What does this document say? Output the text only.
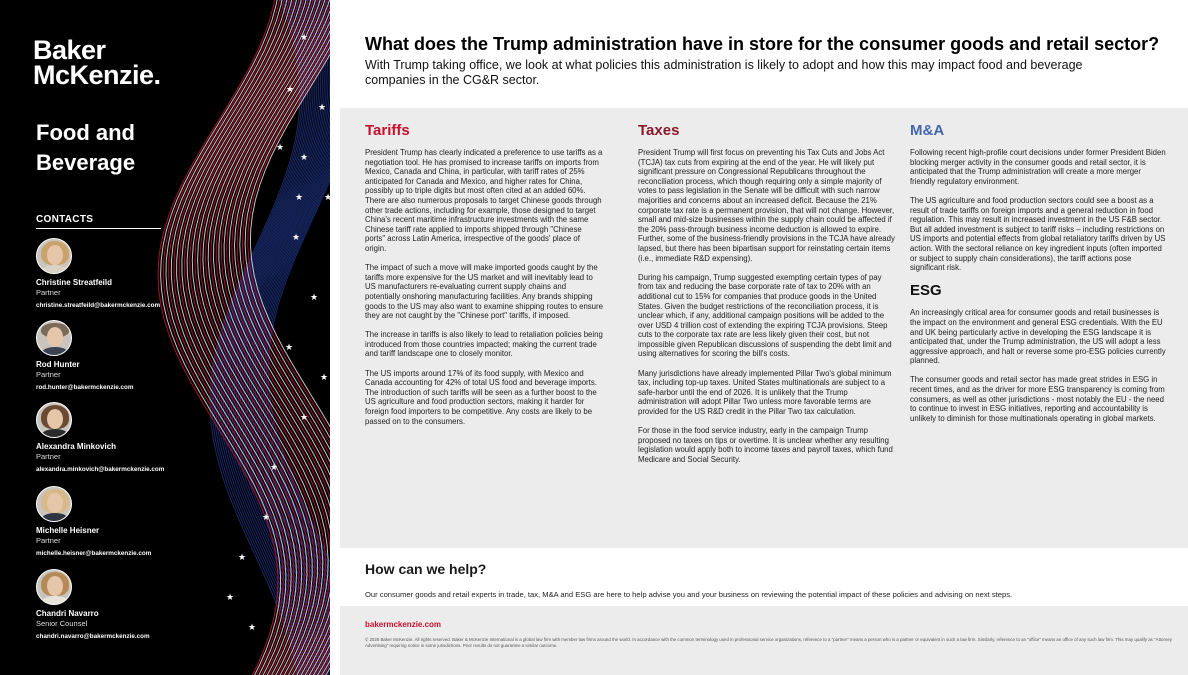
★
★
★
★
★
★
★
★
★
★
★
★
★
★
★
★
★
Baker
McKenzie.
Food and
Beverage
CONTACTS
Christine Streatfeild
Partner
christine.streatfeild@bakermckenzie.com
Rod Hunter
Partner
rod.hunter@bakermckenzie.com
Alexandra Minkovich
Partner
alexandra.minkovich@bakermckenzie.com
Michelle Heisner
Partner
michelle.heisner@bakermckenzie.com
Chandri Navarro
Senior Counsel
chandri.navarro@bakermckenzie.com
What does the Trump administration have in store for the consumer goods and retail sector?
With Trump taking office, we look at what policies this administration is likely to adopt and how this may impact food and beverage companies in the CG&R sector.
Tariffs

President Trump has clearly indicated a preference to use tariffs as a negotiation tool. He has promised to increase tariffs on imports from Mexico, Canada and China, in particular, with tariff rates of 25% anticipated for Canada and Mexico, and higher rates for China, possibly up to triple digits but most often cited at an added 60%. There are also numerous proposals to target Chinese goods through other trade actions, including for example, those designed to target China's recent maritime infrastructure investments with the same Chinese tariff rate applied to imports shipped through "Chinese ports" across Latin America, irrespective of the goods' place of origin.

The impact of such a move will make imported goods caught by the tariffs more expensive for the US market and will inevitably lead to US manufacturers re-evaluating current supply chains and potentially onshoring manufacturing facilities. Any brands shipping goods to the US may also want to examine shipping routes to ensure they are not caught by the "Chinese port" tariffs, if imposed.

The increase in tariffs is also likely to lead to retaliation policies being introduced from those countries impacted; making the current trade and tariff landscape one to closely monitor.

The US imports around 17% of its food supply, with Mexico and Canada accounting for 42% of total US food and beverage imports. The introduction of such tariffs will be seen as a further boost to the US agriculture and food production sectors, making it harder for foreign food importers to be competitive. Any costs are likely to be passed on to the consumers.

Taxes

President Trump will first focus on preventing his Tax Cuts and Jobs Act (TCJA) tax cuts from expiring at the end of the year. He will likely put significant pressure on Congressional Republicans throughout the reconciliation process, which though requiring only a simple majority of votes to pass legislation in the Senate will be difficult with such narrow majorities and concerns about an increased deficit. Because the 21% corporate tax rate is a permanent provision, that will not change. However, small and mid-size businesses within the supply chain could be affected if the 20% pass-through business income deduction is allowed to expire. Further, some of the business-friendly provisions in the TCJA have already lapsed, but there has been bipartisan support for reinstating certain items (i.e., immediate R&D expensing).

During his campaign, Trump suggested exempting certain types of pay from tax and reducing the base corporate rate of tax to 20% with an additional cut to 15% for companies that produce goods in the United States. Given the budget restrictions of the reconciliation process, it is unclear which, if any, additional campaign positions will be added to the over USD 4 trillion cost of extending the expiring TCJA provisions. Steep cuts to the corporate tax rate are less likely given their cost, but not impossible given Republican discussions of suspending the debt limit and using alternatives for scoring the bill's costs.

Many jurisdictions have already implemented Pillar Two's global minimum tax, including top-up taxes. United States multinationals are subject to a safe-harbor until the end of 2026. It is unlikely that the Trump administration will adopt Pillar Two unless more favorable terms are provided for the US R&D credit in the Pillar Two tax calculation.

For those in the food service industry, early in the campaign Trump proposed no taxes on tips or overtime. It is unclear whether any resulting legislation would apply both to income taxes and payroll taxes, which fund Medicare and Social Security.

M&A

Following recent high-profile court decisions under former President Biden blocking merger activity in the consumer goods and retail sector, it is anticipated that the Trump administration will create a more merger friendly regulatory environment.

The US agriculture and food production sectors could see a boost as a result of trade tariffs on foreign imports and a general reduction in food regulation. This may result in increased investment in the US F&B sector. But all added investment is subject to tariff risks – including restrictions on US imports and potential effects from global retaliatory tariffs driven by US action. With the sectoral reliance on key ingredient inputs (often imported or subject to supply chain considerations), the tariff actions pose significant risk.

ESG

An increasingly critical area for consumer goods and retail businesses is the impact on the environment and general ESG credentials. With the EU and UK being particularly active in developing the ESG landscape it is anticipated that, under the Trump administration, the US will adopt a less aggressive approach, and halt or reverse some pro-ESG policies currently planned.

The consumer goods and retail sector has made great strides in ESG in recent times, and as the driver for more ESG transparency is coming from consumers, as well as other jurisdictions - most notably the EU - the need to continue to invest in ESG initiatives, reporting and accountability is unlikely to diminish for those multinationals operating in global markets.

How can we help?
Our consumer goods and retail experts in trade, tax, M&A and ESG are here to help advise you and your business on reviewing the potential impact of these policies and advising on next steps.
bakermckenzie.com
© 2025 Baker McKenzie. All rights reserved. Baker & McKenzie International is a global law firm with member law firms around the world. In accordance with the common terminology used in professional service organizations, reference to a "partner" means a person who is a partner or equivalent in such a law firm. Similarly, reference to an "office" means an office of any such law firm. This may qualify as "Attorney Advertising" requiring notice in some jurisdictions. Prior results do not guarantee a similar outcome.
